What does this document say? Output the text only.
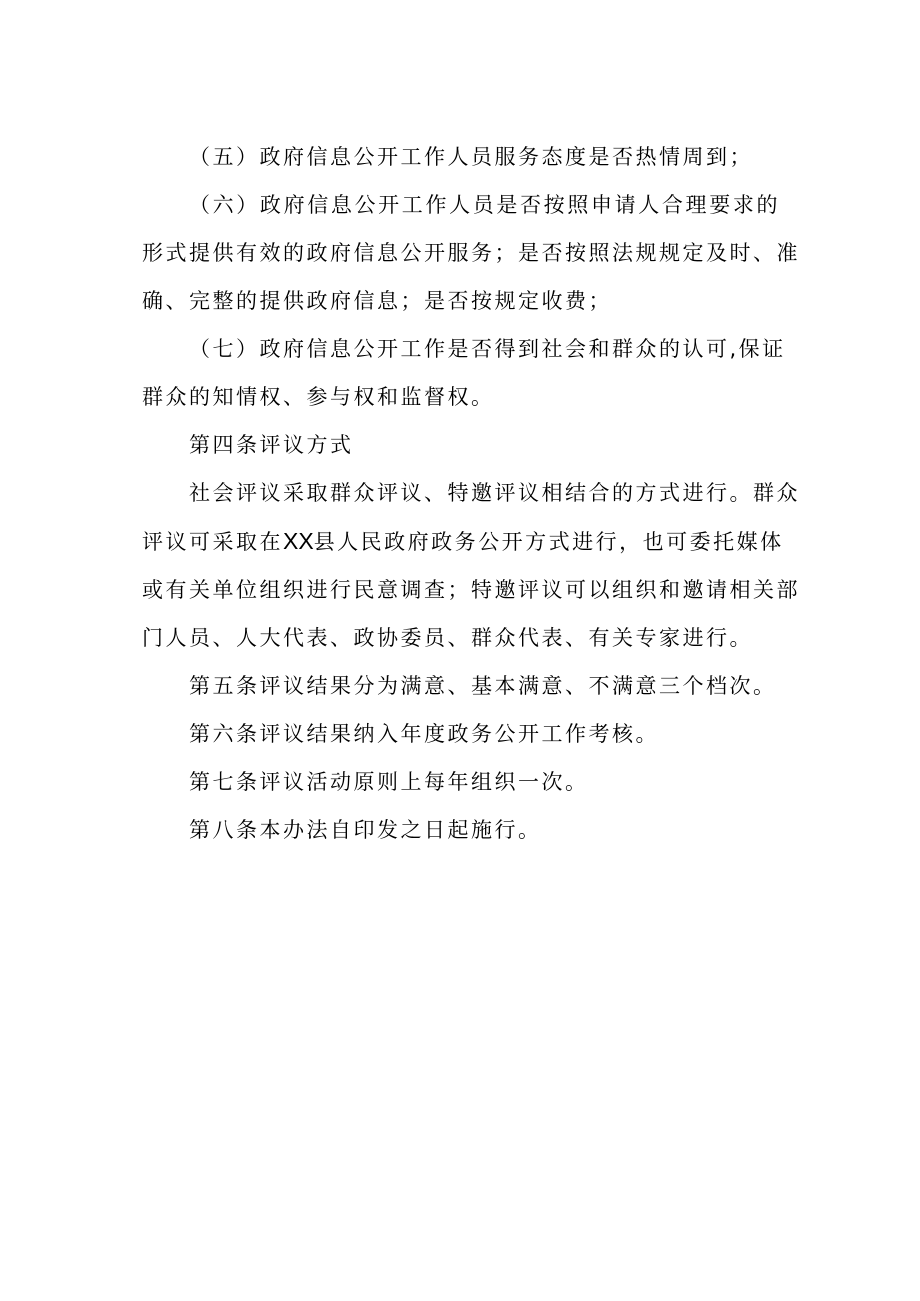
（五）政府信息公开工作人员服务态度是否热情周到；

（六）政府信息公开工作人员是否按照申请人合理要求的
形式提供有效的政府信息公开服务；是否按照法规规定及时、准
确、完整的提供政府信息；是否按规定收费；

（七）政府信息公开工作是否得到社会和群众的认可,保证
群众的知情权、参与权和监督权。

第四条评议方式

社会评议采取群众评议、特邀评议相结合的方式进行。群众
评议可采取在XX县人民政府政务公开方式进行，也可委托媒体
或有关单位组织进行民意调查；特邀评议可以组织和邀请相关部
门人员、人大代表、政协委员、群众代表、有关专家进行。

第五条评议结果分为满意、基本满意、不满意三个档次。

第六条评议结果纳入年度政务公开工作考核。

第七条评议活动原则上每年组织一次。

第八条本办法自印发之日起施行。
